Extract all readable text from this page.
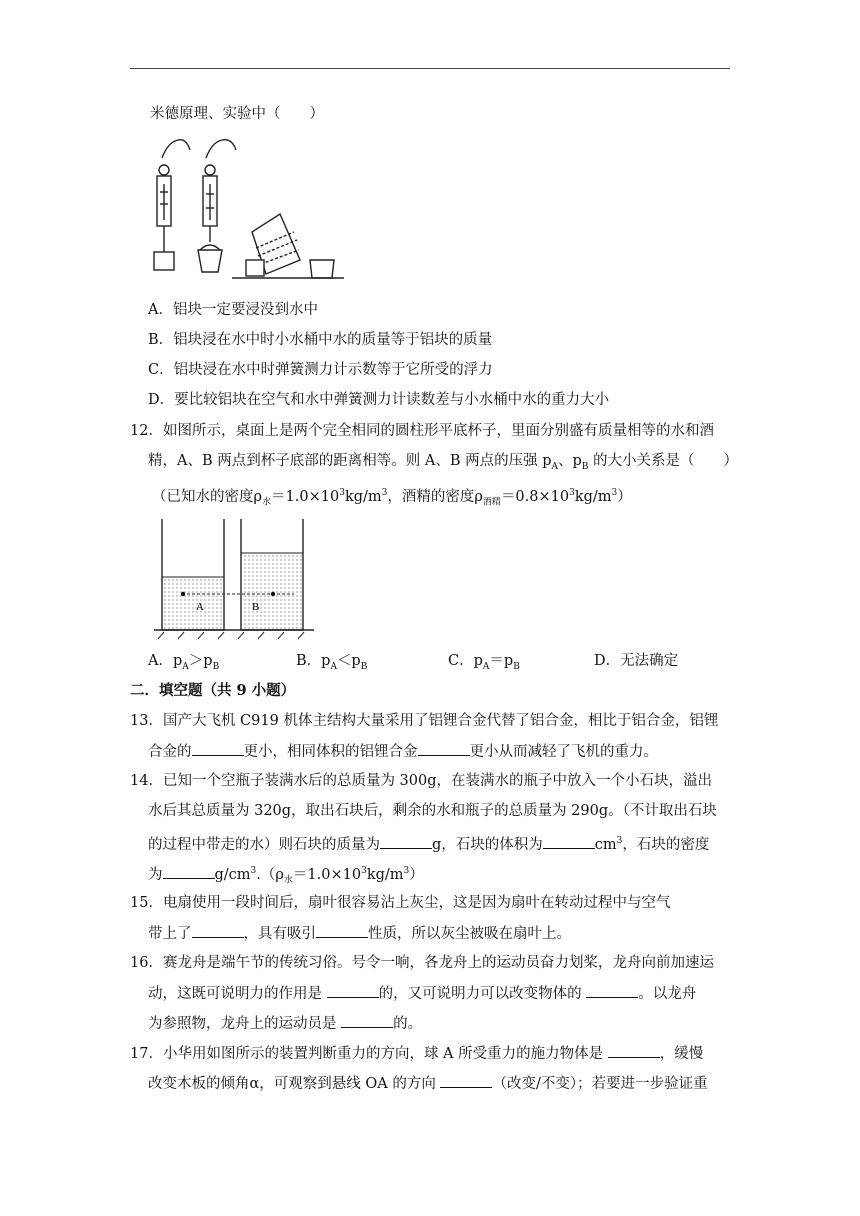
米德原理、实验中（　　）
A．铝块一定要浸没到水中
B．铝块浸在水中时小水桶中水的质量等于铝块的质量
C．铝块浸在水中时弹簧测力计示数等于它所受的浮力
D．要比较铝块在空气和水中弹簧测力计读数差与小水桶中水的重力大小
12．如图所示，桌面上是两个完全相同的圆柱形平底杯子，里面分别盛有质量相等的水和酒
精，A、B 两点到杯子底部的距离相等。则 A、B 两点的压强 $p_A$、$p_B$ 的大小关系是（　　）
（已知水的密度$\rho_水=1.0\times 10^3kg/m^3$，酒精的密度$\rho_{酒精}=0.8\times 10^3kg/m^3$）
A	B
A．$p_A>p_B$	B．$p_A<p_B$	C．$p_A=p_B$	D．无法确定
二．填空题（共 9 小题）
13．国产大飞机 C919 机体主结构大量采用了铝锂合金代替了铝合金，相比于铝合金，铝锂
合金的	更小，相同体积的铝锂合金	更小从而减轻了飞机的重力。
14．已知一个空瓶子装满水后的总质量为 300g，在装满水的瓶子中放入一个小石块，溢出
水后其总质量为 320g，取出石块后，剩余的水和瓶子的总质量为 290g。（不计取出石块
的过程中带走的水）则石块的质量为	g，石块的体积为	$cm^3$，石块的密度
为	$g/cm^3.(\rho_水=1.0\times 10^3kg/m^3)$
15．电扇使用一段时间后，扇叶很容易沾上灰尘，这是因为扇叶在转动过程中与空气
带上了	，具有吸引	性质，所以灰尘被吸在扇叶上。
16．赛龙舟是端午节的传统习俗。号令一响，各龙舟上的运动员奋力划桨，龙舟向前加速运
动，这既可说明力的作用是	的，又可说明力可以改变物体的	。以龙舟
为参照物，龙舟上的运动员是	的。
17．小华用如图所示的装置判断重力的方向，球 A 所受重力的施力物体是	，缓慢
改变木板的倾角α，可观察到悬线 OA 的方向	（改变/不变）；若要进一步验证重
